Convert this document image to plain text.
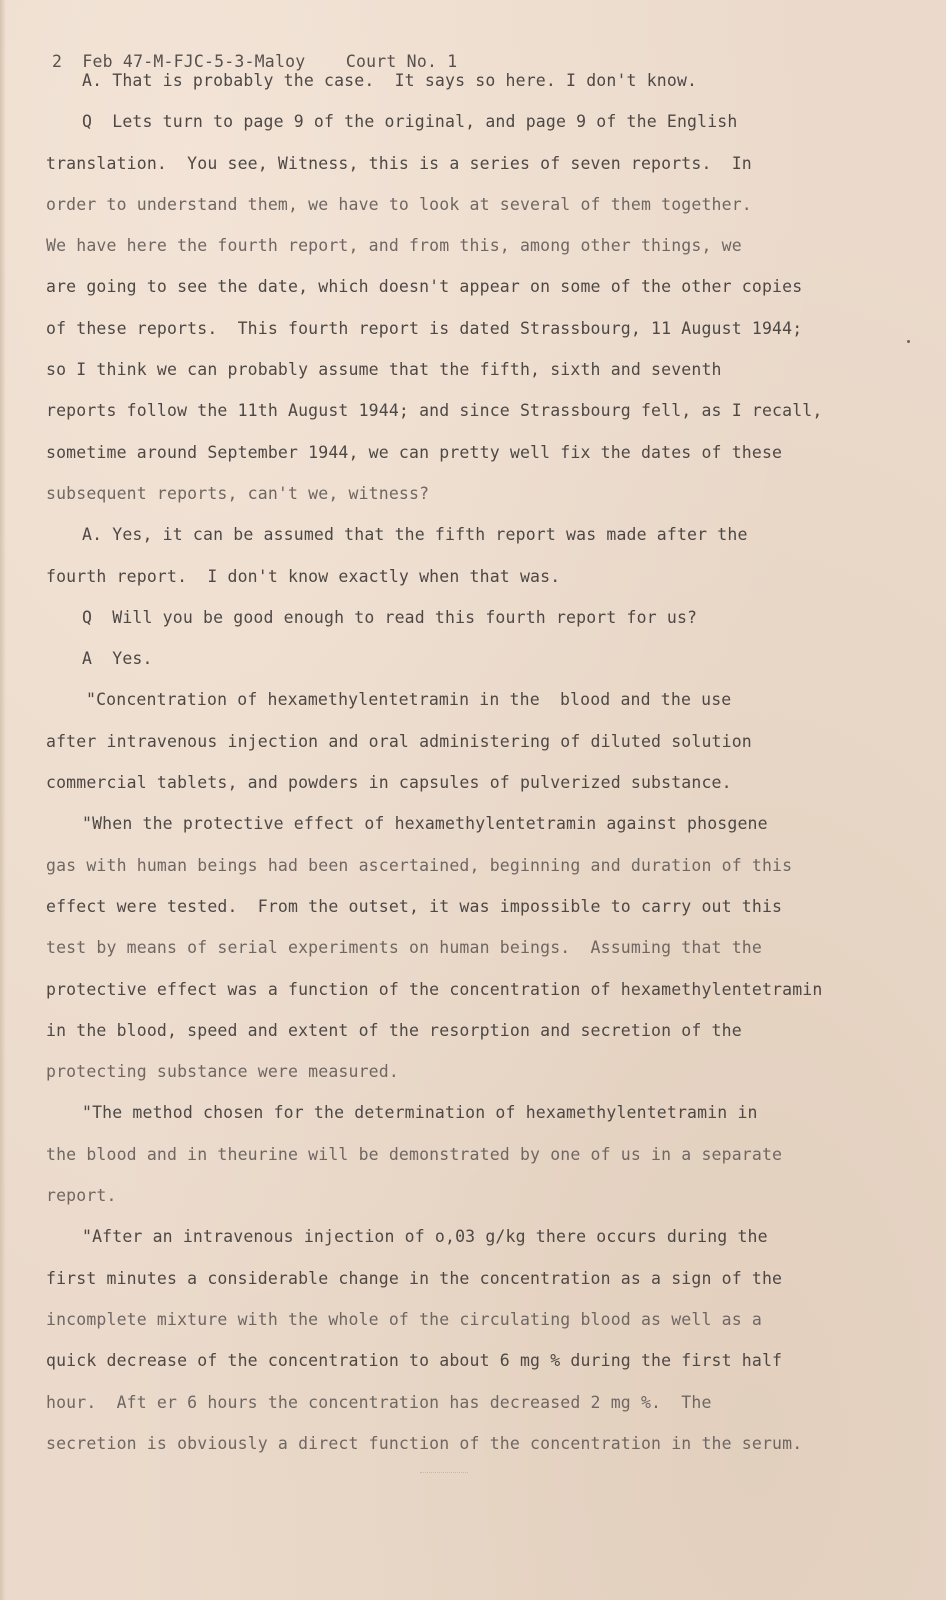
2  Feb 47-M-FJC-5-3-Maloy    Court No. 1
A. That is probably the case.  It says so here. I don't know.
Q  Lets turn to page 9 of the original, and page 9 of the English
translation.  You see, Witness, this is a series of seven reports.  In
order to understand them, we have to look at several of them together.
We have here the fourth report, and from this, among other things, we
are going to see the date, which doesn't appear on some of the other copies
of these reports.  This fourth report is dated Strassbourg, 11 August 1944;
so I think we can probably assume that the fifth, sixth and seventh
reports follow the 11th August 1944; and since Strassbourg fell, as I recall,
sometime around September 1944, we can pretty well fix the dates of these
subsequent reports, can't we, witness?
A. Yes, it can be assumed that the fifth report was made after the
fourth report.  I don't know exactly when that was.
Q  Will you be good enough to read this fourth report for us?
A  Yes.
"Concentration of hexamethylentetramin in the  blood and the use
after intravenous injection and oral administering of diluted solution
commercial tablets, and powders in capsules of pulverized substance.
"When the protective effect of hexamethylentetramin against phosgene
gas with human beings had been ascertained, beginning and duration of this
effect were tested.  From the outset, it was impossible to carry out this
test by means of serial experiments on human beings.  Assuming that the
protective effect was a function of the concentration of hexamethylentetramin
in the blood, speed and extent of the resorption and secretion of the
protecting substance were measured.
"The method chosen for the determination of hexamethylentetramin in
the blood and in theurine will be demonstrated by one of us in a separate
report.
"After an intravenous injection of o,03 g/kg there occurs during the
first minutes a considerable change in the concentration as a sign of the
incomplete mixture with the whole of the circulating blood as well as a
quick decrease of the concentration to about 6 mg % during the first half
hour.  Aft er 6 hours the concentration has decreased 2 mg %.  The
secretion is obviously a direct function of the concentration in the serum.
